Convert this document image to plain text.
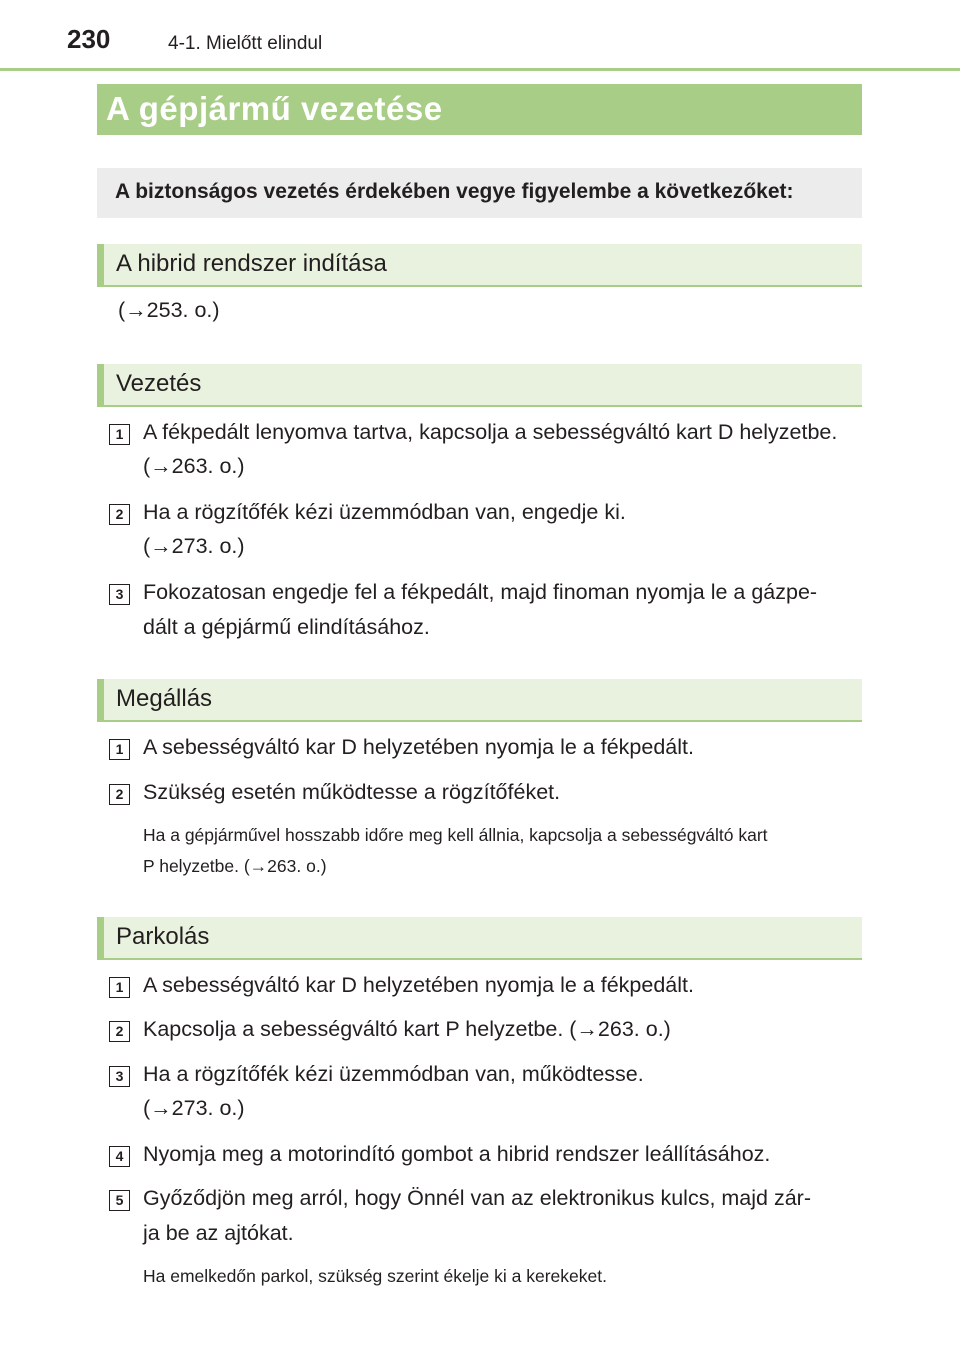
230	4-1. Mielőtt elindul
A gépjármű vezetése
A biztonságos vezetés érdekében vegye figyelembe a következőket:
A hibrid rendszer indítása
(→253. o.)
Vezetés
1 A fékpedált lenyomva tartva, kapcsolja a sebességváltó kart D helyzetbe.
(→263. o.)
2 Ha a rögzítőfék kézi üzemmódban van, engedje ki.
(→273. o.)
3 Fokozatosan engedje fel a fékpedált, majd finoman nyomja le a gázpe-
dált a gépjármű elindításához.
Megállás
1 A sebességváltó kar D helyzetében nyomja le a fékpedált.
2 Szükség esetén működtesse a rögzítőféket.
Ha a gépjárművel hosszabb időre meg kell állnia, kapcsolja a sebességváltó kart
P helyzetbe. (→263. o.)
Parkolás
1 A sebességváltó kar D helyzetében nyomja le a fékpedált.
2 Kapcsolja a sebességváltó kart P helyzetbe. (→263. o.)
3 Ha a rögzítőfék kézi üzemmódban van, működtesse.
(→273. o.)
4 Nyomja meg a motorindító gombot a hibrid rendszer leállításához.
5 Győződjön meg arról, hogy Önnél van az elektronikus kulcs, majd zár-
ja be az ajtókat.
Ha emelkedőn parkol, szükség szerint ékelje ki a kerekeket.
